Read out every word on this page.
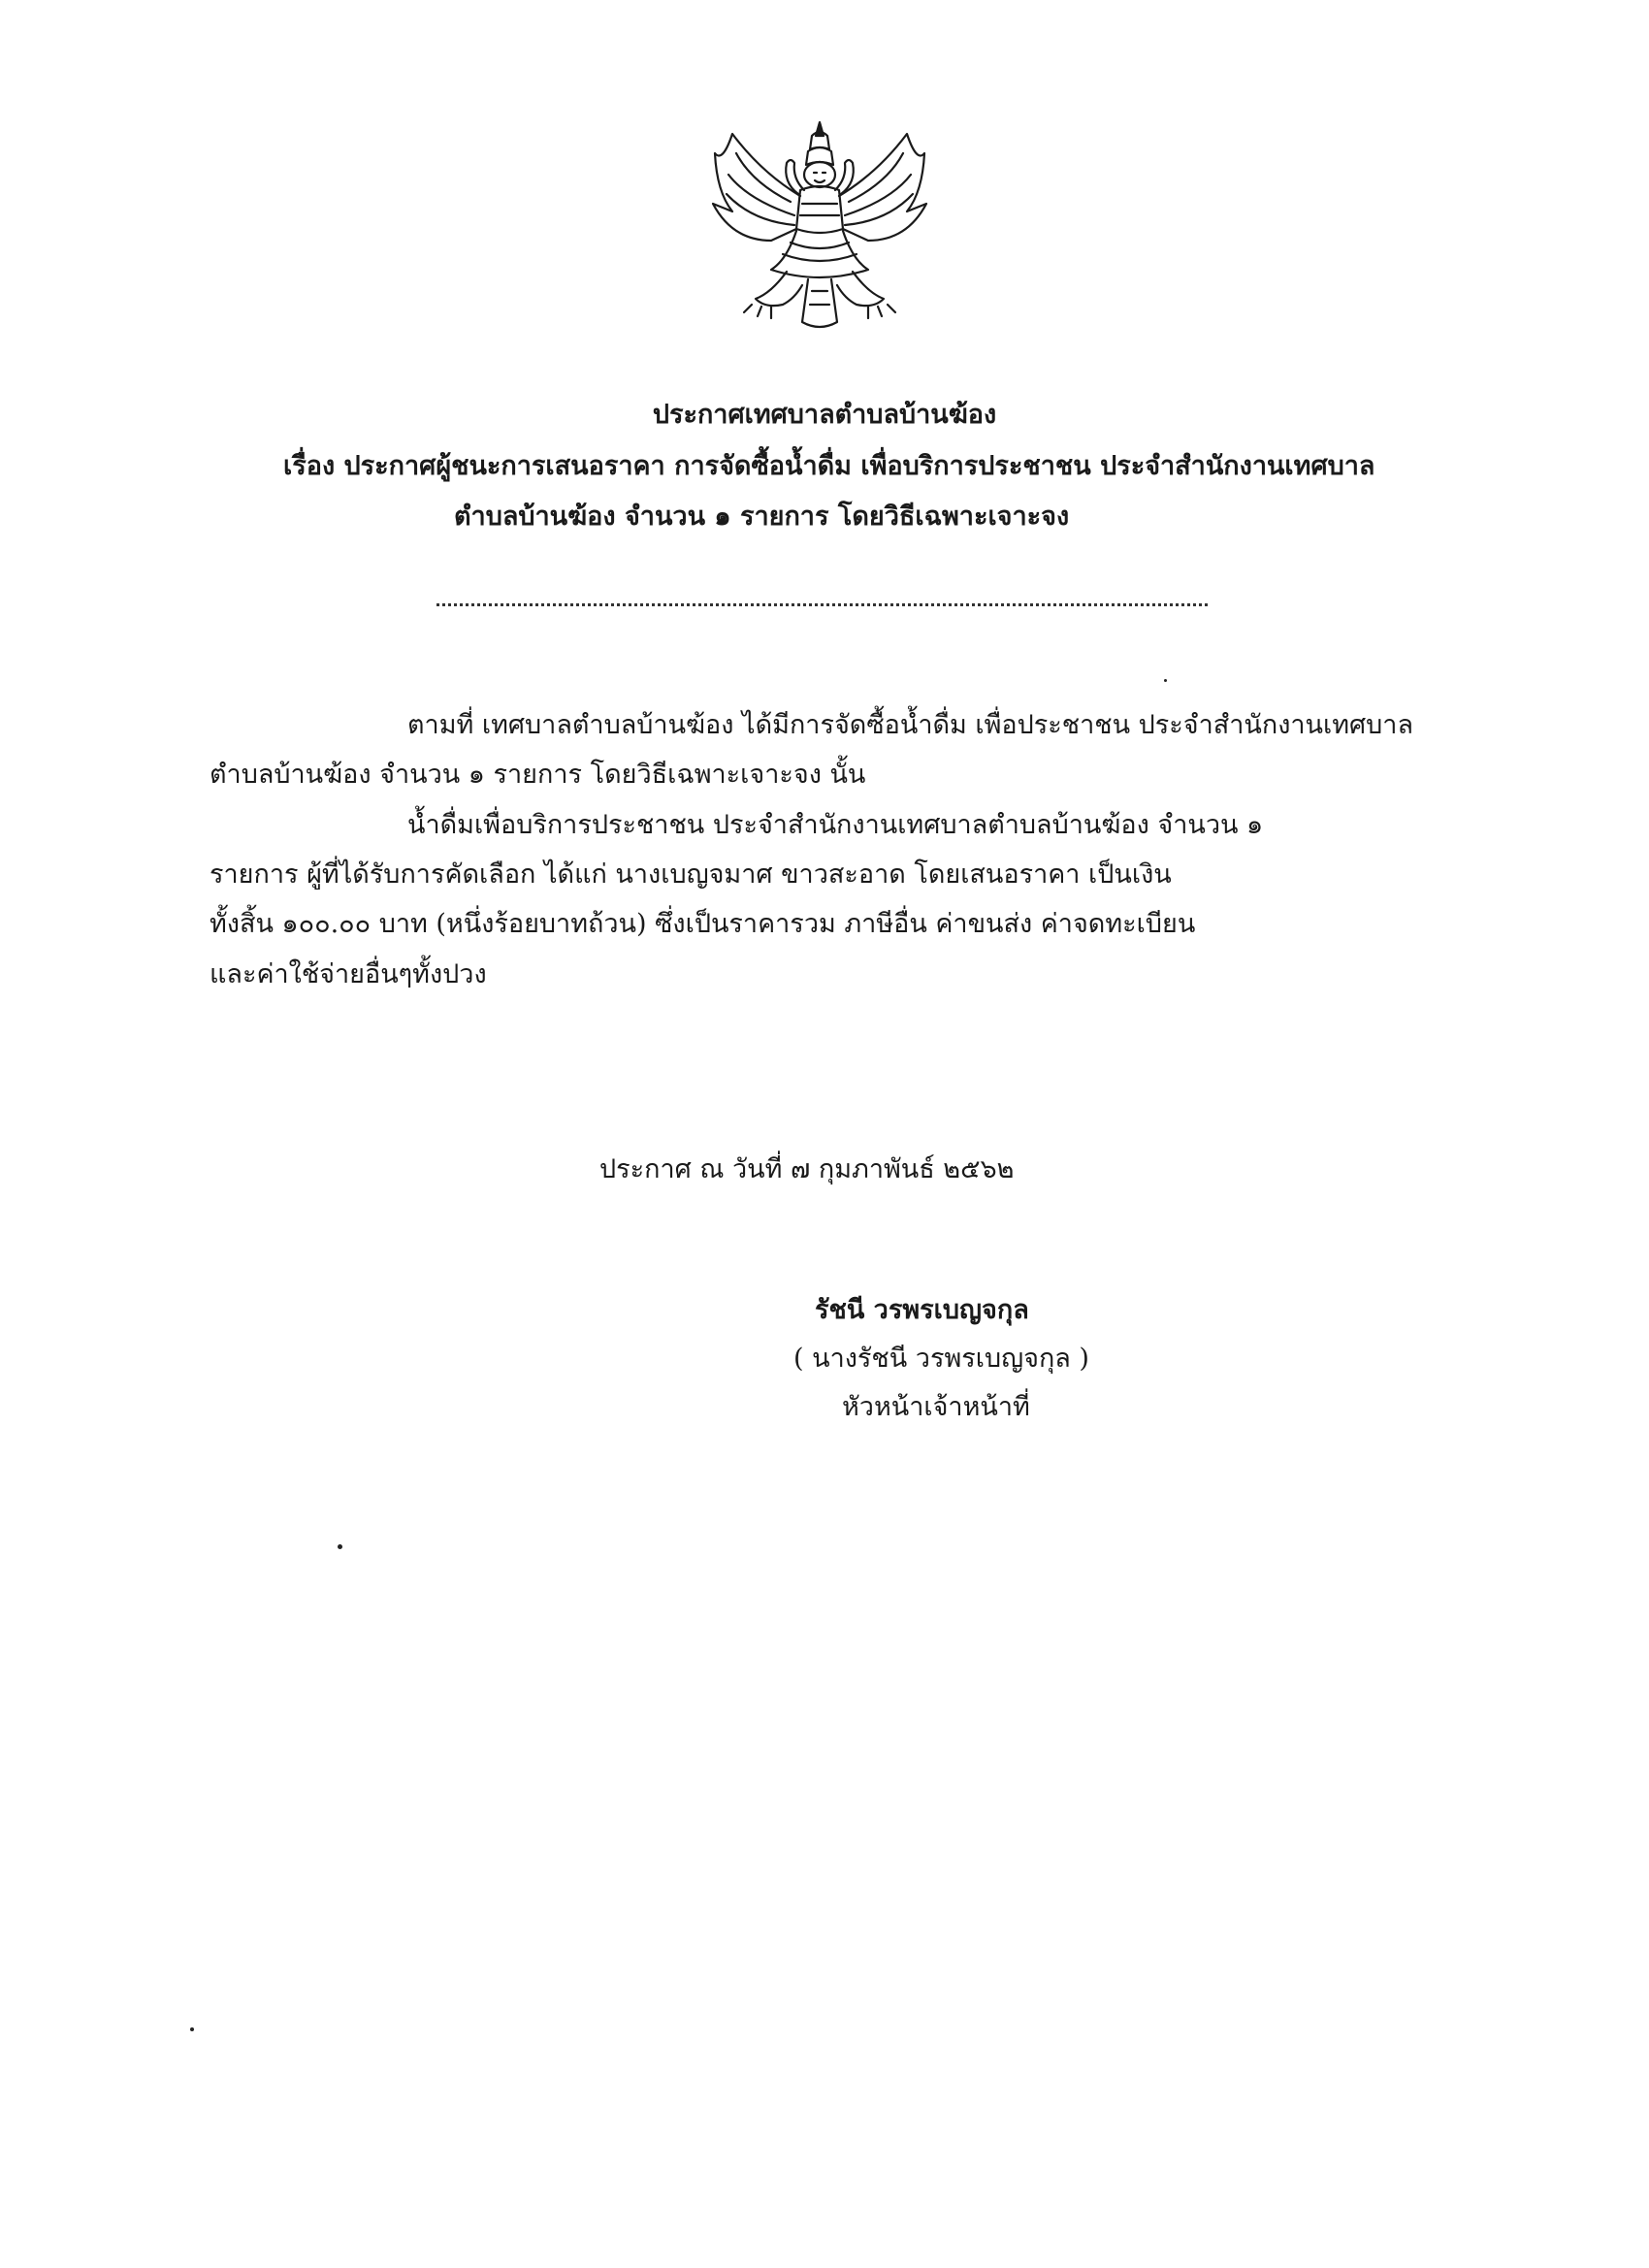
ประกาศเทศบาลตำบลบ้านฆ้อง
เรื่อง ประกาศผู้ชนะการเสนอราคา การจัดซื้อน้ำดื่ม เพื่อบริการประชาชน ประจำสำนักงานเทศบาล
ตำบลบ้านฆ้อง จำนวน ๑ รายการ โดยวิธีเฉพาะเจาะจง
ตามที่ เทศบาลตำบลบ้านฆ้อง ได้มีการจัดซื้อน้ำดื่ม เพื่อประชาชน ประจำสำนักงานเทศบาล
ตำบลบ้านฆ้อง จำนวน ๑ รายการ โดยวิธีเฉพาะเจาะจง นั้น
น้ำดื่มเพื่อบริการประชาชน ประจำสำนักงานเทศบาลตำบลบ้านฆ้อง จำนวน ๑
รายการ ผู้ที่ได้รับการคัดเลือก ได้แก่ นางเบญจมาศ ขาวสะอาด โดยเสนอราคา เป็นเงิน
ทั้งสิ้น ๑๐๐.๐๐ บาท (หนึ่งร้อยบาทถ้วน) ซึ่งเป็นราคารวม ภาษีอื่น ค่าขนส่ง ค่าจดทะเบียน
และค่าใช้จ่ายอื่นๆทั้งปวง
ประกาศ ณ วันที่ ๗ กุมภาพันธ์ ๒๕๖๒
รัชนี วรพรเบญจกุล
( นางรัชนี วรพรเบญจกุล )
หัวหน้าเจ้าหน้าที่
